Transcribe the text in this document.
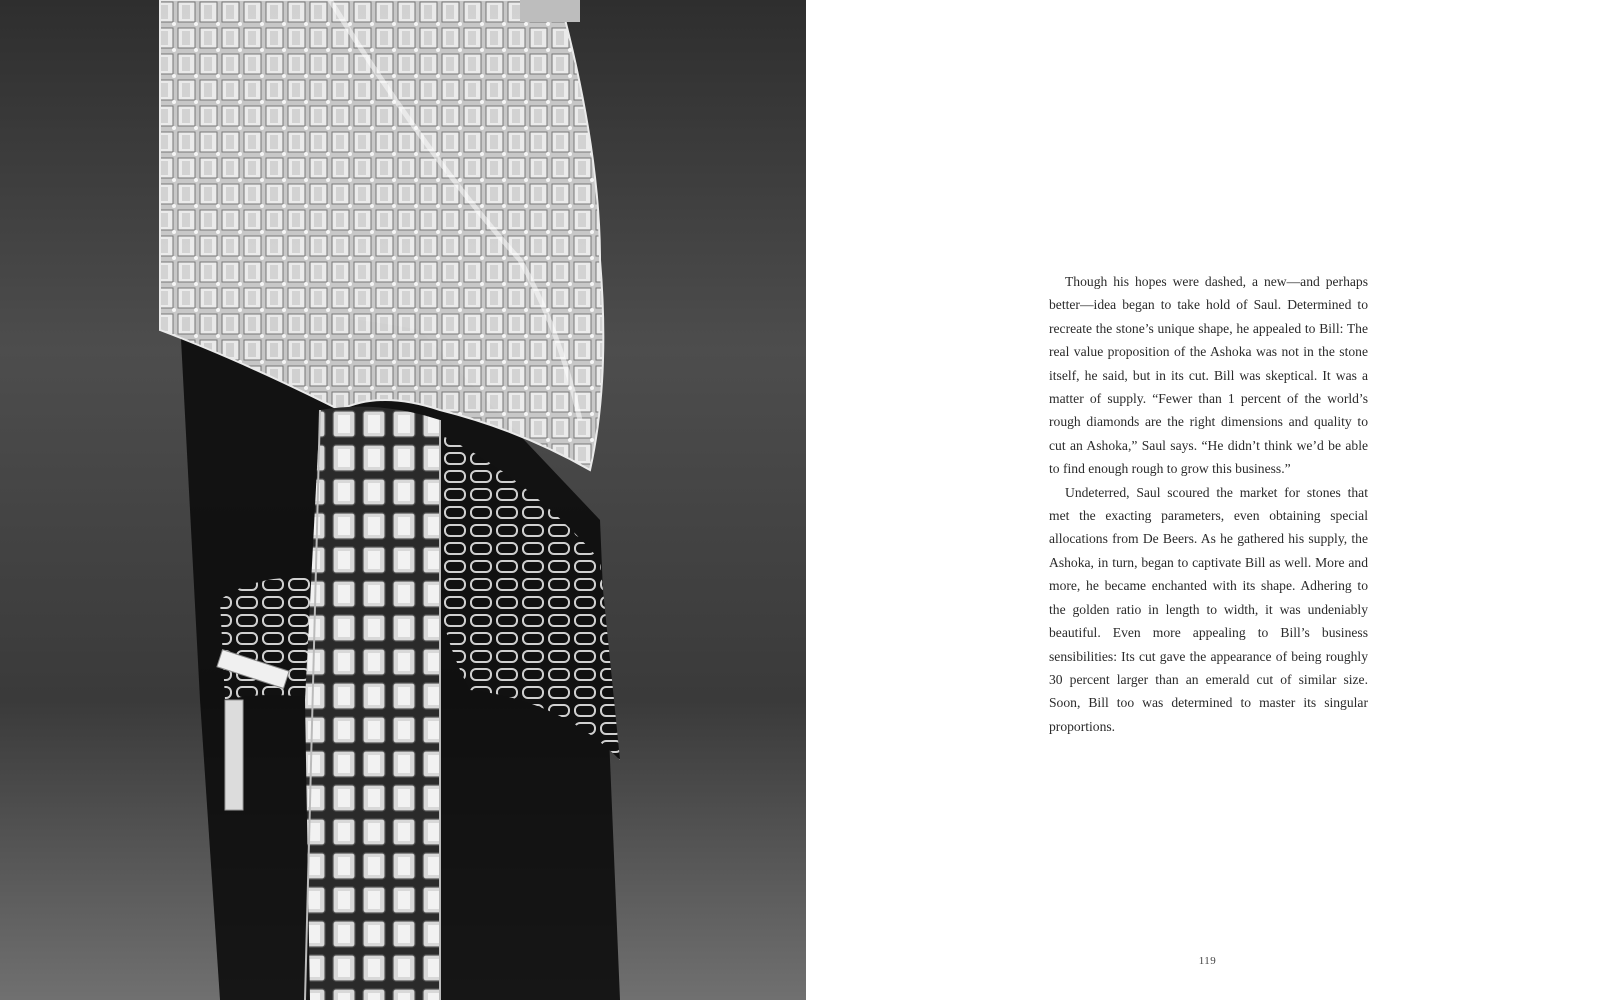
Though his hopes were dashed, a new—and perhaps better—idea began to take hold of Saul. Determined to recreate the stone’s unique shape, he appealed to Bill: The real value proposition of the Ashoka was not in the stone itself, he said, but in its cut. Bill was skeptical. It was a matter of supply. “Fewer than 1 percent of the world’s rough diamonds are the right dimensions and quality to cut an Ashoka,” Saul says. “He didn’t think we’d be able to find enough rough to grow this business.”

Undeterred, Saul scoured the market for stones that met the exacting parameters, even obtaining special allocations from De Beers. As he gathered his supply, the Ashoka, in turn, began to captivate Bill as well. More and more, he became enchanted with its shape. Adhering to the golden ratio in length to width, it was undeniably beautiful. Even more appealing to Bill’s business sensibilities: Its cut gave the appearance of being roughly 30 percent larger than an emerald cut of similar size. Soon, Bill too was determined to master its singular proportions.

119
